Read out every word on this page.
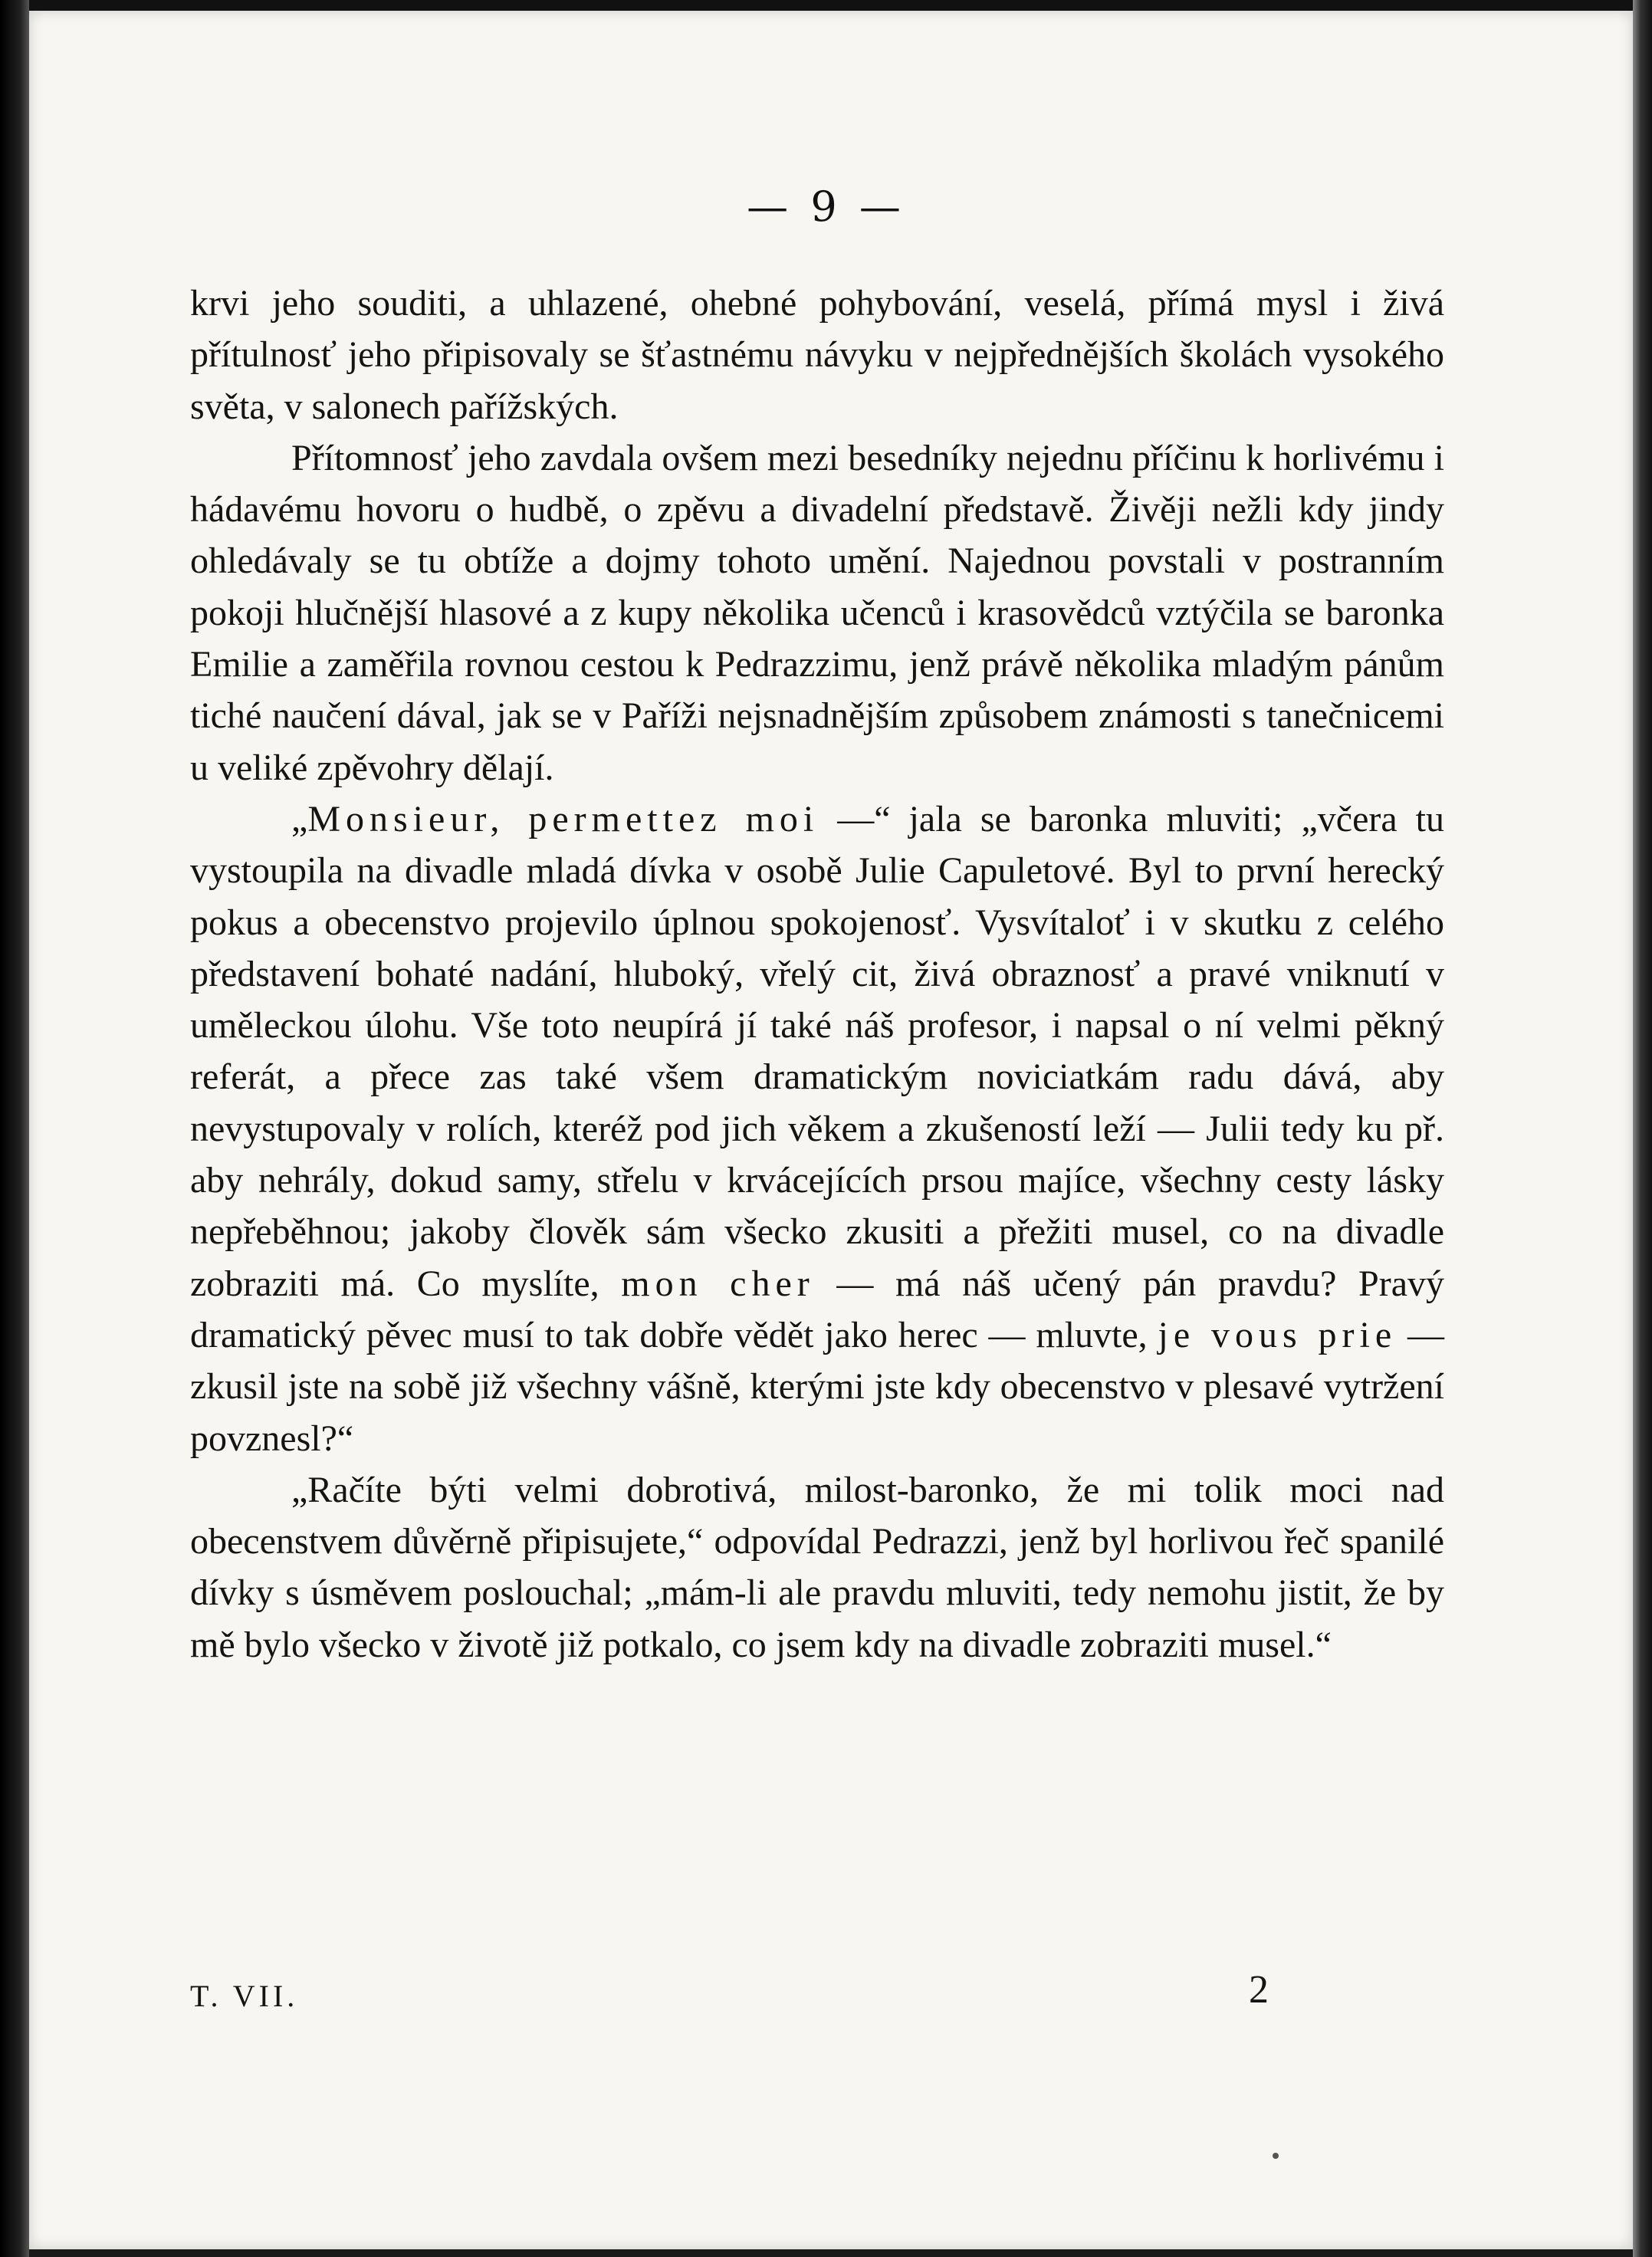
— 9 —

krvi jeho souditi, a uhlazené, ohebné pohybování, veselá, přímá mysl i živá přítulnosť jeho připisovaly se šťastnému návyku v nejpřednějších školách vysokého světa, v salonech pařížských.

Přítomnosť jeho zavdala ovšem mezi besedníky nejednu příčinu k horlivému i hádavému hovoru o hudbě, o zpěvu a divadelní představě. Živěji nežli kdy jindy ohledávaly se tu obtíže a dojmy tohoto umění. Najednou povstali v postranním pokoji hlučnější hlasové a z kupy několika učenců i krasovědců vztýčila se baronka Emilie a zaměřila rovnou cestou k Pedrazzimu, jenž právě několika mladým pánům tiché naučení dával, jak se v Paříži nejsnadnějším způsobem známosti s tanečnicemi u veliké zpěvohry dělají.

„Monsieur, permettez moi —“ jala se baronka mluviti; „včera tu vystoupila na divadle mladá dívka v osobě Julie Capuletové. Byl to první herecký pokus a obecenstvo projevilo úplnou spokojenosť. Vysvítaloť i v skutku z celého představení bohaté nadání, hluboký, vřelý cit, živá obraznosť a pravé vniknutí v uměleckou úlohu. Vše toto neupírá jí také náš profesor, i napsal o ní velmi pěkný referát, a přece zas také všem dramatickým noviciatkám radu dává, aby nevystupovaly v rolích, kteréž pod jich věkem a zkušeností leží — Julii tedy ku př. aby nehrály, dokud samy, střelu v krvácejících prsou majíce, všechny cesty lásky nepřeběhnou; jakoby člověk sám všecko zkusiti a přežiti musel, co na divadle zobraziti má. Co myslíte, mon cher — má náš učený pán pravdu? Pravý dramatický pěvec musí to tak dobře vědět jako herec — mluvte, je vous prie — zkusil jste na sobě již všechny vášně, kterými jste kdy obecenstvo v plesavé vytržení povznesl?“

„Račíte býti velmi dobrotivá, milost-baronko, že mi tolik moci nad obecenstvem důvěrně připisujete,“ odpovídal Pedrazzi, jenž byl horlivou řeč spanilé dívky s úsměvem poslouchal; „mám-li ale pravdu mluviti, tedy nemohu jistit, že by mě bylo všecko v životě již potkalo, co jsem kdy na divadle zobraziti musel.“

T. VII.	2
